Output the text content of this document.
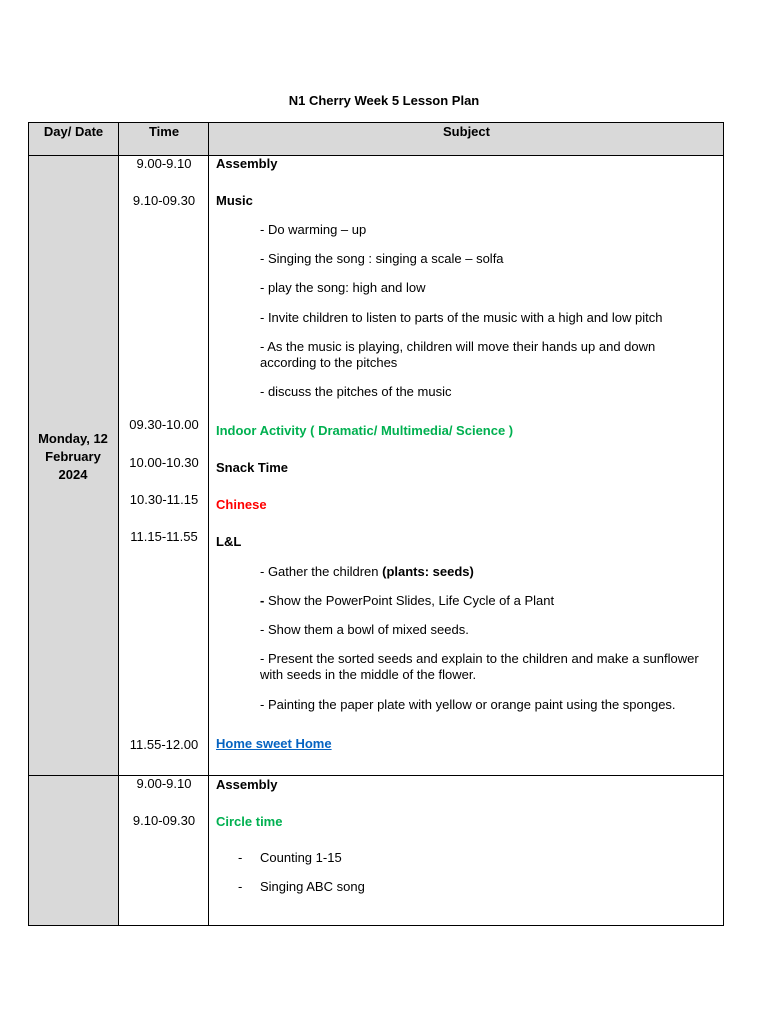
N1 Cherry Week 5 Lesson Plan
Day/ Date	Time	Subject
Monday, 12
February
2024
9.00-9.10
9.10-09.30
09.30-10.00
10.00-10.30
10.30-11.15
11.15-11.55
11.55-12.00
Assembly
Music
- Do warming – up
- Singing the song : singing a scale – solfa
- play the song: high and low
- Invite children to listen to parts of the music with a high and low pitch
- As the music is playing, children will move their hands up and down according to the pitches
- discuss the pitches of the music
Indoor Activity ( Dramatic/ Multimedia/ Science )
Snack Time
Chinese
L&L
- Gather the children (plants: seeds)
- Show the PowerPoint Slides, Life Cycle of a Plant
- Show them a bowl of mixed seeds.
- Present the sorted seeds and explain to the children and make a sunflower with seeds in the middle of the flower.
- Painting the paper plate with yellow or orange paint using the sponges.
Home sweet Home
9.00-9.10
9.10-09.30
Assembly
Circle time
- Counting 1-15
- Singing ABC song
